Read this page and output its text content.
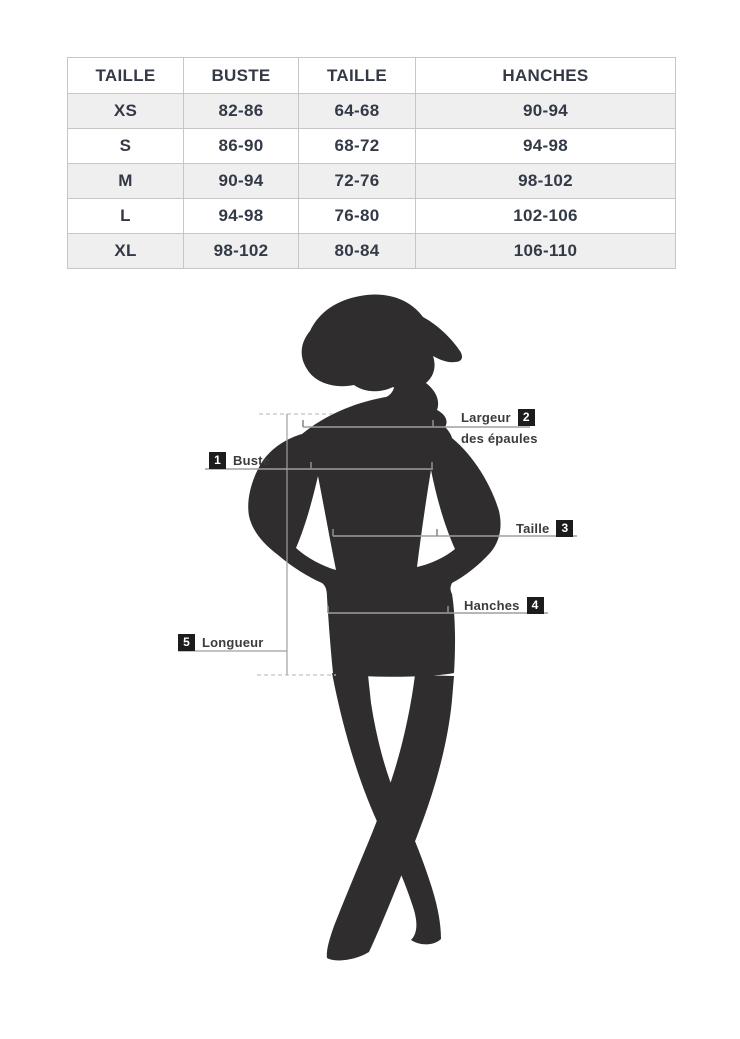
TAILLE	BUSTE	TAILLE	HANCHES
XS	82-86	64-68	90-94
S	86-90	68-72	94-98
M	90-94	72-76	98-102
L	94-98	76-80	102-106
XL	98-102	80-84	106-110
1 Buste
Largeur	2
des épaules
Taille	3
Hanches	4
5 Longueur
